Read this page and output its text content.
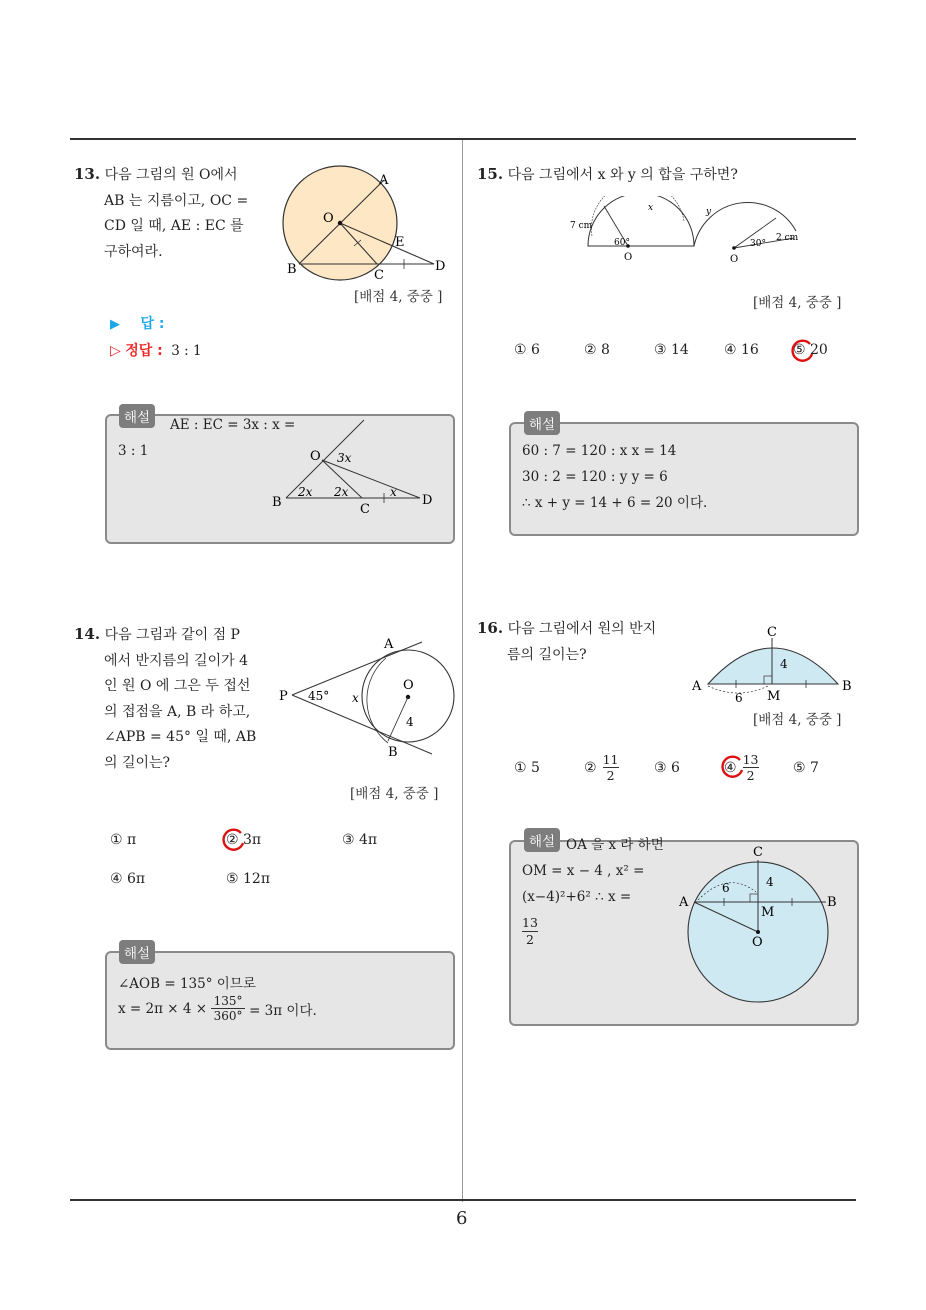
13. 다음 그림의 원 O에서
AB 는 지름이고, OC =
CD 일 때, AE : EC 를
구하여라.
A
O
E
B	C
D
[배점 4, 중중 ]
▶ 답 :
▷ 정답 : 3 : 1
해설	AE : EC = 3x : x =
3 : 1	O 3x
2x 2x	x
B	C
D
15. 다음 그림에서 x 와 y 의 합을 구하면?
7 cm
60°
x
O
y
30°
2 cm
O
[배점 4, 중중 ]
① 6	② 8	③ 14	④ 16 ⑤ 20
해설
60 : 7 = 120 : x x = 14
30 : 2 = 120 : y y = 6
∴ x + y = 14 + 6 = 20 이다.
14. 다음 그림과 같이 점 P
에서 반지름의 길이가 4
인 원 O 에 그은 두 접선
의 접점을 A, B 라 하고,
∠APB = 45° 일 때, AB
의 길이는?
A
P 45° x
O
4
B
[배점 4, 중중 ]
① π	② 3π	③ 4π
④ 6π	⑤ 12π
해설
∠AOB = 135° 이므로
x = 2π × 4 × 135°
360° = 3π 이다.
16. 다음 그림에서 원의 반지
름의 길이는?
C
4
A	B
6 M
[배점 4, 중중 ]
① 5	② 11
2	③ 6	④ 13
2	⑤ 7
해설 OA 을 x 라 하면
OM = x − 4 , x² =
(x−4)²+6² ∴ x =
$\frac{13}{2}$
C
4
6
A	B
M
O
6
